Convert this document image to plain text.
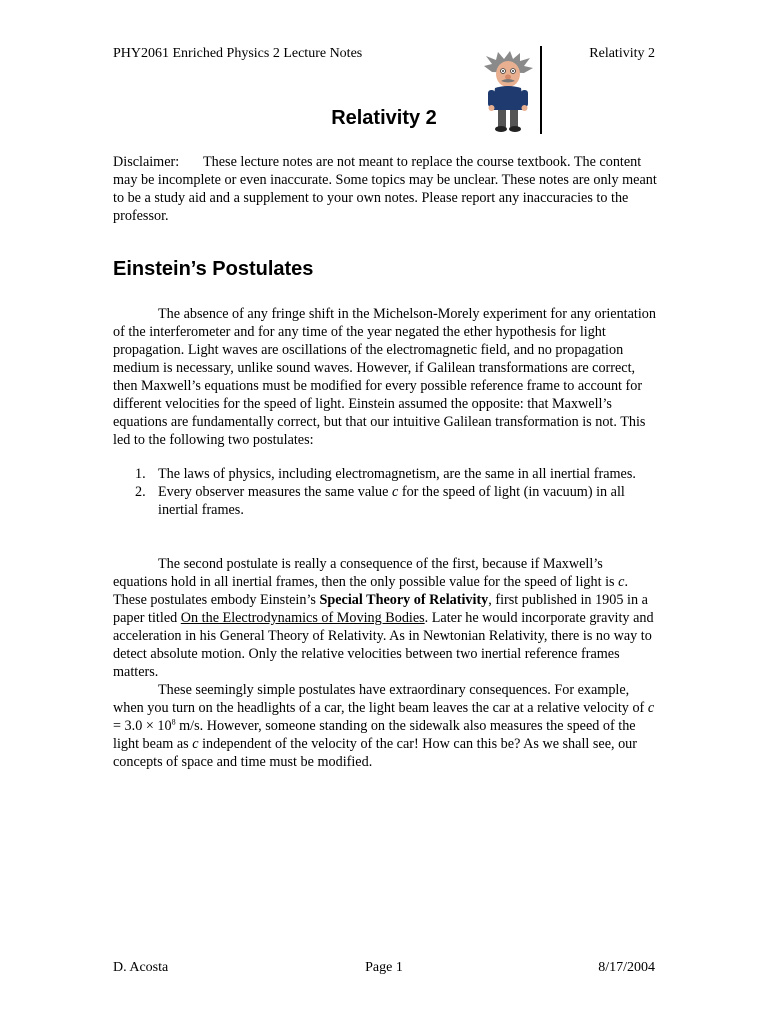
PHY2061 Enriched Physics 2 Lecture Notes	Relativity 2
Relativity 2
Disclaimer: These lecture notes are not meant to replace the course textbook. The content may be incomplete or even inaccurate. Some topics may be unclear. These notes are only meant to be a study aid and a supplement to your own notes. Please report any inaccuracies to the professor.
Einstein’s Postulates
The absence of any fringe shift in the Michelson-Morely experiment for any orientation of the interferometer and for any time of the year negated the ether hypothesis for light propagation. Light waves are oscillations of the electromagnetic field, and no propagation medium is necessary, unlike sound waves. However, if Galilean transformations are correct, then Maxwell’s equations must be modified for every possible reference frame to account for different velocities for the speed of light. Einstein assumed the opposite: that Maxwell’s equations are fundamentally correct, but that our intuitive Galilean transformation is not. This led to the following two postulates:
1. The laws of physics, including electromagnetism, are the same in all inertial frames.
2. Every observer measures the same value c for the speed of light (in vacuum) in all inertial frames.
The second postulate is really a consequence of the first, because if Maxwell’s equations hold in all inertial frames, then the only possible value for the speed of light is c. These postulates embody Einstein’s Special Theory of Relativity, first published in 1905 in a paper titled On the Electrodynamics of Moving Bodies. Later he would incorporate gravity and acceleration in his General Theory of Relativity. As in Newtonian Relativity, there is no way to detect absolute motion. Only the relative velocities between two inertial reference frames matters.
These seemingly simple postulates have extraordinary consequences. For example, when you turn on the headlights of a car, the light beam leaves the car at a relative velocity of $c = 3.0 \times 10^8$ m/s. However, someone standing on the sidewalk also measures the speed of the light beam as c independent of the velocity of the car! How can this be? As we shall see, our concepts of space and time must be modified.
D. Acosta	Page 1	8/17/2004
